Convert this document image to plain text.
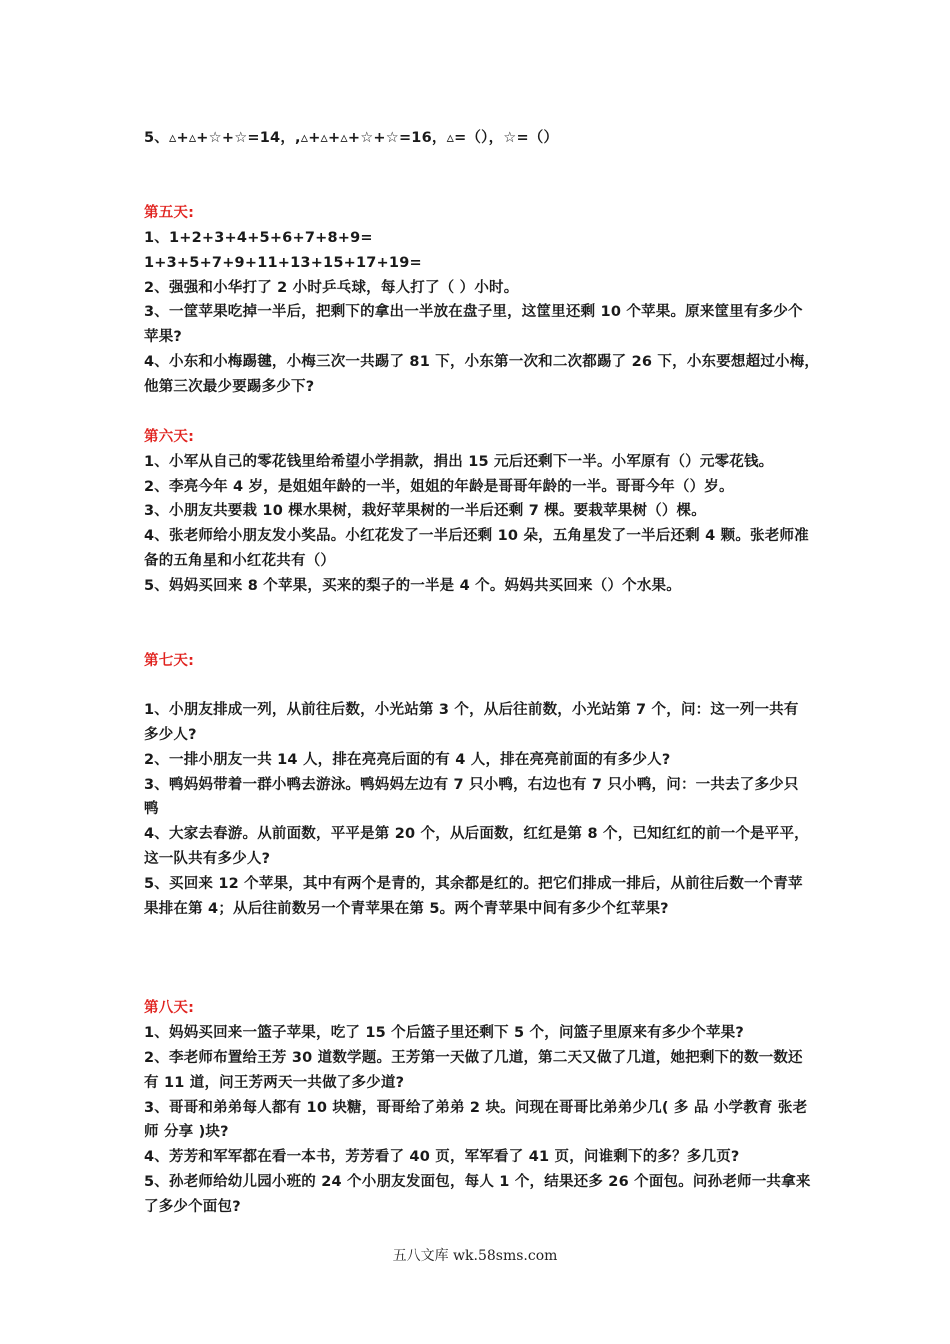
5、▵+▵+☆+☆=14，,▵+▵+▵+☆+☆=16，▵=（），☆=（）
第五天:
1、1+2+3+4+5+6+7+8+9=
1+3+5+7+9+11+13+15+17+19=
2、强强和小华打了 2 小时乒乓球，每人打了（ ）小时。
3、一筐苹果吃掉一半后，把剩下的拿出一半放在盘子里，这筐里还剩 10 个苹果。原来筐里有多少个
苹果?
4、小东和小梅踢毽，小梅三次一共踢了 81 下，小东第一次和二次都踢了 26 下，小东要想超过小梅，
他第三次最少要踢多少下?
第六天:
1、小军从自己的零花钱里给希望小学捐款，捐出 15 元后还剩下一半。小军原有（）元零花钱。
2、李亮今年 4 岁，是姐姐年龄的一半，姐姐的年龄是哥哥年龄的一半。哥哥今年（）岁。
3、小朋友共要栽 10 棵水果树，栽好苹果树的一半后还剩 7 棵。要栽苹果树（）棵。
4、张老师给小朋友发小奖品。小红花发了一半后还剩 10 朵，五角星发了一半后还剩 4 颗。张老师准
备的五角星和小红花共有（）
5、妈妈买回来 8 个苹果，买来的梨子的一半是 4 个。妈妈共买回来（）个水果。
第七天:
1、小朋友排成一列，从前往后数，小光站第 3 个，从后往前数，小光站第 7 个，问：这一列一共有
多少人?
2、一排小朋友一共 14 人，排在亮亮后面的有 4 人，排在亮亮前面的有多少人?
3、鸭妈妈带着一群小鸭去游泳。鸭妈妈左边有 7 只小鸭，右边也有 7 只小鸭，问：一共去了多少只
鸭
4、大家去春游。从前面数，平平是第 20 个，从后面数，红红是第 8 个，已知红红的前一个是平平，
这一队共有多少人?
5、买回来 12 个苹果，其中有两个是青的，其余都是红的。把它们排成一排后，从前往后数一个青苹
果排在第 4；从后往前数另一个青苹果在第 5。两个青苹果中间有多少个红苹果?
第八天:
1、妈妈买回来一篮子苹果，吃了 15 个后篮子里还剩下 5 个，问篮子里原来有多少个苹果?
2、李老师布置给王芳 30 道数学题。王芳第一天做了几道，第二天又做了几道，她把剩下的数一数还
有 11 道，问王芳两天一共做了多少道?
3、哥哥和弟弟每人都有 10 块糖，哥哥给了弟弟 2 块。问现在哥哥比弟弟少几( 多 品 小学教育 张老
师 分享 )块?
4、芳芳和军军都在看一本书，芳芳看了 40 页，军军看了 41 页，问谁剩下的多？多几页?
5、孙老师给幼儿园小班的 24 个小朋友发面包，每人 1 个，结果还多 26 个面包。问孙老师一共拿来
了多少个面包?
五八文库 wk.58sms.com
